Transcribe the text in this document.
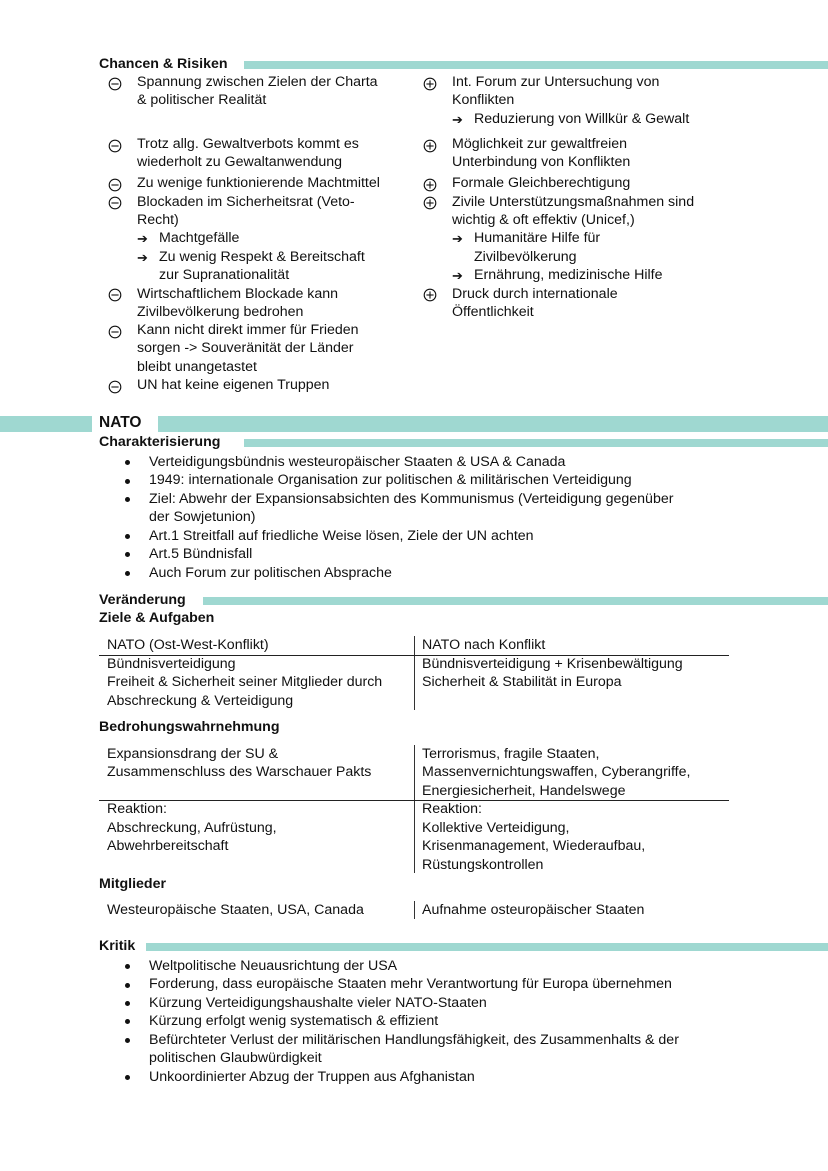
Chancen & Risiken
Spannung zwischen Zielen der Charta
& politischer Realität
Trotz allg. Gewaltverbots kommt es
wiederholt zu Gewaltanwendung
Zu wenige funktionierende Machtmittel
Blockaden im Sicherheitsrat (Veto-
Recht)
➔ Machtgefälle
➔ Zu wenig Respekt & Bereitschaft
zur Supranationalität
Wirtschaftlichem Blockade kann
Zivilbevölkerung bedrohen
Kann nicht direkt immer für Frieden
sorgen -> Souveränität der Länder
bleibt unangetastet
UN hat keine eigenen Truppen
Int. Forum zur Untersuchung von
Konflikten
➔ Reduzierung von Willkür & Gewalt
Möglichkeit zur gewaltfreien
Unterbindung von Konflikten
Formale Gleichberechtigung
Zivile Unterstützungsmaßnahmen sind
wichtig & oft effektiv (Unicef,)
➔ Humanitäre Hilfe für
Zivilbevölkerung
➔ Ernährung, medizinische Hilfe
Druck durch internationale
Öffentlichkeit
NATO
Charakterisierung
Verteidigungsbündnis westeuropäischer Staaten & USA & Canada
1949: internationale Organisation zur politischen & militärischen Verteidigung
Ziel: Abwehr der Expansionsabsichten des Kommunismus (Verteidigung gegenüber
der Sowjetunion)
Art.1 Streitfall auf friedliche Weise lösen, Ziele der UN achten
Art.5 Bündnisfall
Auch Forum zur politischen Absprache
Veränderung
Ziele & Aufgaben
NATO (Ost-West-Konflikt)	NATO nach Konflikt
Bündnisverteidigung
Freiheit & Sicherheit seiner Mitglieder durch
Abschreckung & Verteidigung
Bündnisverteidigung + Krisenbewältigung
Sicherheit & Stabilität in Europa
Bedrohungswahrnehmung
Expansionsdrang der SU &
Zusammenschluss des Warschauer Pakts
Terrorismus, fragile Staaten,
Massenvernichtungswaffen, Cyberangriffe,
Energiesicherheit, Handelswege
Reaktion:
Abschreckung, Aufrüstung,
Abwehrbereitschaft
Reaktion:
Kollektive Verteidigung,
Krisenmanagement, Wiederaufbau,
Rüstungskontrollen
Mitglieder
Westeuropäische Staaten, USA, Canada	Aufnahme osteuropäischer Staaten
Kritik
Weltpolitische Neuausrichtung der USA
Forderung, dass europäische Staaten mehr Verantwortung für Europa übernehmen
Kürzung Verteidigungshaushalte vieler NATO-Staaten
Kürzung erfolgt wenig systematisch & effizient
Befürchteter Verlust der militärischen Handlungsfähigkeit, des Zusammenhalts & der
politischen Glaubwürdigkeit
Unkoordinierter Abzug der Truppen aus Afghanistan
